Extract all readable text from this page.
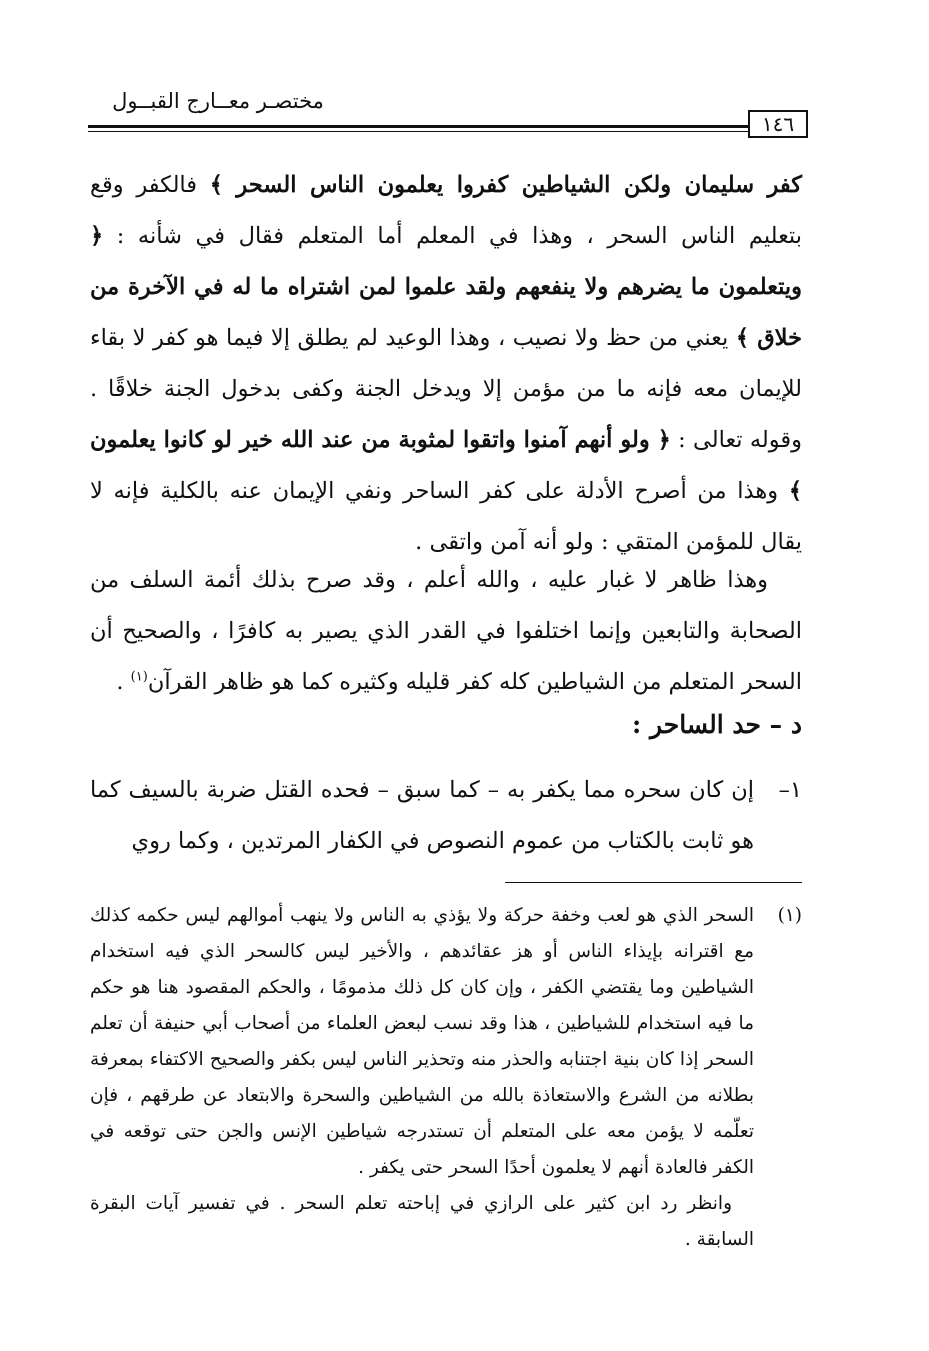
مختصـر معــارج القبــول
١٤٦

كفر سليمان ولكن الشياطين كفروا يعلمون الناس السحر ﴾ فالكفر وقع بتعليم الناس السحر ، وهذا في المعلم أما المتعلم فقال في شأنه : ﴿ ويتعلمون ما يضرهم ولا ينفعهم ولقد علموا لمن اشتراه ما له في الآخرة من خلاق ﴾ يعني من حظ ولا نصيب ، وهذا الوعيد لم يطلق إلا فيما هو كفر لا بقاء للإيمان معه فإنه ما من مؤمن إلا ويدخل الجنة وكفى بدخول الجنة خلاقًا . وقوله تعالى : ﴿ ولو أنهم آمنوا واتقوا لمثوبة من عند الله خير لو كانوا يعلمون ﴾ وهذا من أصرح الأدلة على كفر الساحر ونفي الإيمان عنه بالكلية فإنه لا يقال للمؤمن المتقي : ولو أنه آمن واتقى .

وهذا ظاهر لا غبار عليه ، والله أعلم ، وقد صرح بذلك أئمة السلف من الصحابة والتابعين وإنما اختلفوا في القدر الذي يصير به كافرًا ، والصحيح أن السحر المتعلم من الشياطين كله كفر قليله وكثيره كما هو ظاهر القرآن$^{(١)}$ .

د – حد الساحر :
١–
إن كان سحره مما يكفر به – كما سبق – فحده القتل ضربة بالسيف كما هو ثابت بالكتاب من عموم النصوص في الكفار المرتدين ، وكما روي
(١)

السحر الذي هو لعب وخفة حركة ولا يؤذي به الناس ولا ينهب أموالهم ليس حكمه كذلك مع اقترانه بإيذاء الناس أو هز عقائدهم ، والأخير ليس كالسحر الذي فيه استخدام الشياطين وما يقتضي الكفر ، وإن كان كل ذلك مذمومًا ، والحكم المقصود هنا هو حكم ما فيه استخدام للشياطين ، هذا وقد نسب لبعض العلماء من أصحاب أبي حنيفة أن تعلم السحر إذا كان بنية اجتنابه والحذر منه وتحذير الناس ليس بكفر والصحيح الاكتفاء بمعرفة بطلانه من الشرع والاستعاذة بالله من الشياطين والسحرة والابتعاد عن طرقهم ، فإن تعلّمه لا يؤمن معه على المتعلم أن تستدرجه شياطين الإنس والجن حتى توقعه في الكفر فالعادة أنهم لا يعلمون أحدًا السحر حتى يكفر .

وانظر رد ابن كثير على الرازي في إباحته تعلم السحر . في تفسير آيات البقرة السابقة .
